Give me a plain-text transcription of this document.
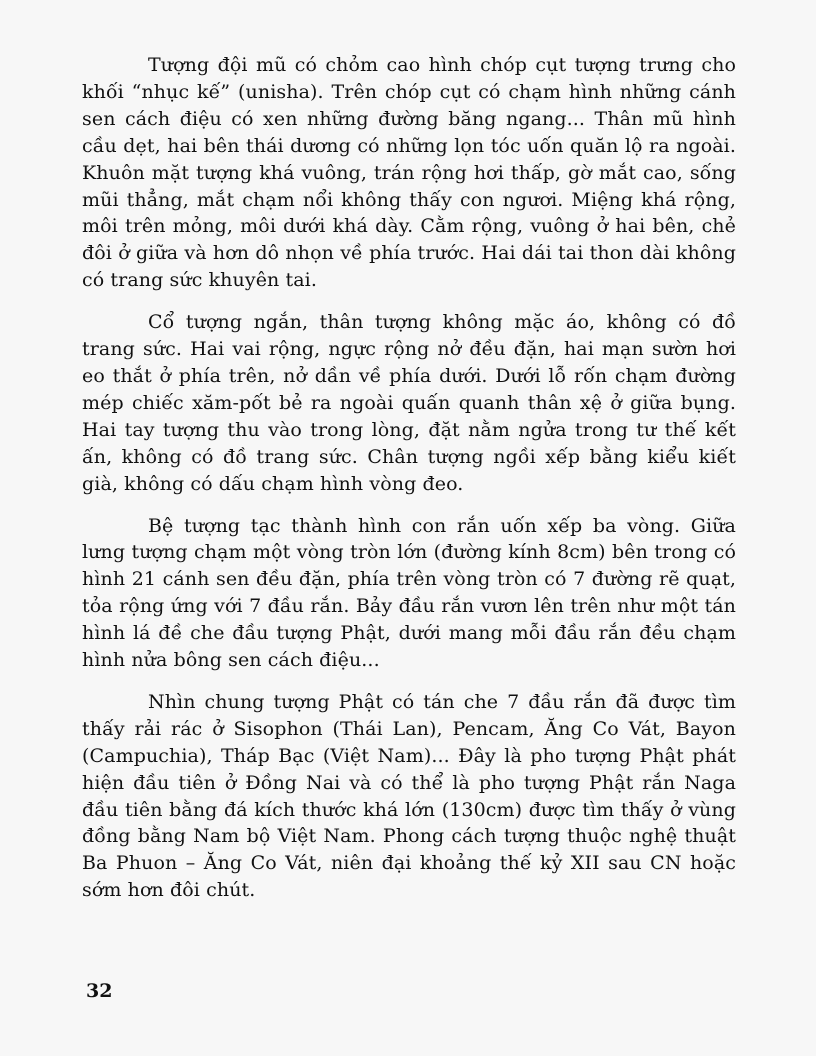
Tượng đội mũ có chỏm cao hình chóp cụt tượng trưng cho khối “nhục kế” (unisha). Trên chóp cụt có chạm hình những cánh sen cách điệu có xen những đường băng ngang... Thân mũ hình cầu dẹt, hai bên thái dương có những lọn tóc uốn quăn lộ ra ngoài. Khuôn mặt tượng khá vuông, trán rộng hơi thấp, gờ mắt cao, sống mũi thẳng, mắt chạm nổi không thấy con ngươi. Miệng khá rộng, môi trên mỏng, môi dưới khá dày. Cằm rộng, vuông ở hai bên, chẻ đôi ở giữa và hơn dô nhọn về phía trước. Hai dái tai thon dài không có trang sức khuyên tai.

Cổ tượng ngắn, thân tượng không mặc áo, không có đồ trang sức. Hai vai rộng, ngực rộng nở đều đặn, hai mạn sườn hơi eo thắt ở phía trên, nở dần về phía dưới. Dưới lỗ rốn chạm đường mép chiếc xăm-pốt bẻ ra ngoài quấn quanh thân xệ ở giữa bụng. Hai tay tượng thu vào trong lòng, đặt nằm ngửa trong tư thế kết ấn, không có đồ trang sức. Chân tượng ngồi xếp bằng kiểu kiết già, không có dấu chạm hình vòng đeo.

Bệ tượng tạc thành hình con rắn uốn xếp ba vòng. Giữa lưng tượng chạm một vòng tròn lớn (đường kính 8cm) bên trong có hình 21 cánh sen đều đặn, phía trên vòng tròn có 7 đường rẽ quạt, tỏa rộng ứng với 7 đầu rắn. Bảy đầu rắn vươn lên trên như một tán hình lá đề che đầu tượng Phật, dưới mang mỗi đầu rắn đều chạm hình nửa bông sen cách điệu...

Nhìn chung tượng Phật có tán che 7 đầu rắn đã được tìm thấy rải rác ở Sisophon (Thái Lan), Pencam, Ăng Co Vát, Bayon (Campuchia), Tháp Bạc (Việt Nam)... Đây là pho tượng Phật phát hiện đầu tiên ở Đồng Nai và có thể là pho tượng Phật rắn Naga đầu tiên bằng đá kích thước khá lớn (130cm) được tìm thấy ở vùng đồng bằng Nam bộ Việt Nam. Phong cách tượng thuộc nghệ thuật Ba Phuon – Ăng Co Vát, niên đại khoảng thế kỷ XII sau CN hoặc sớm hơn đôi chút.

32
